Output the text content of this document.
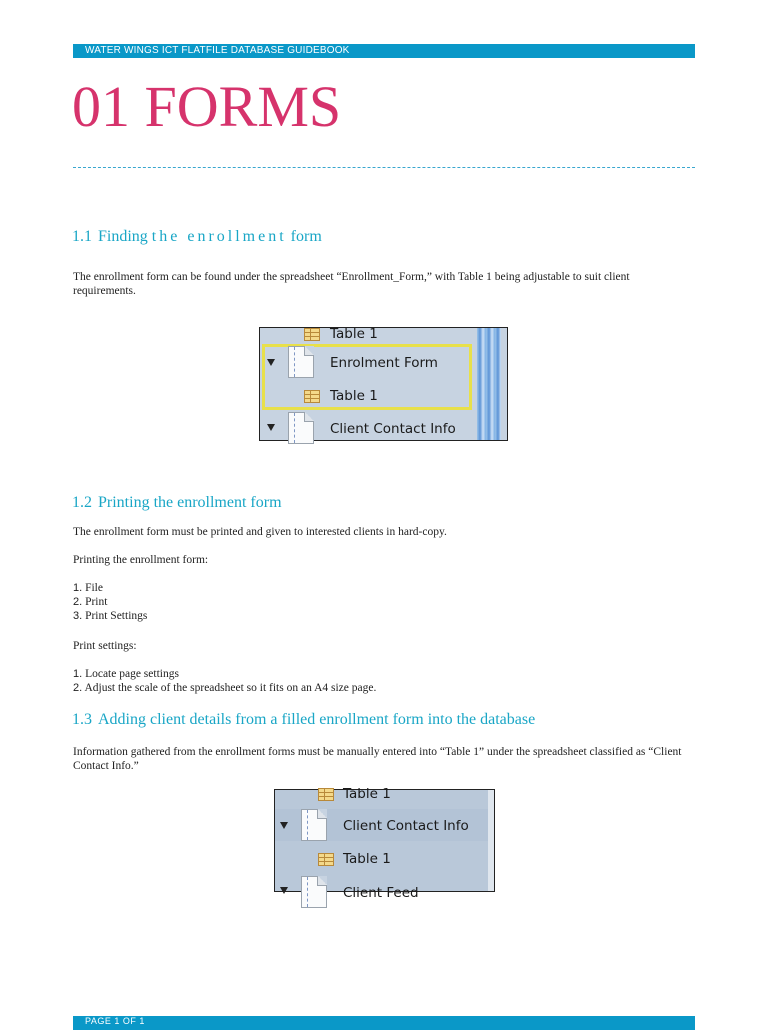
WATER WINGS ICT FLATFILE DATABASE GUIDEBOOK
01 FORMS
1.1 Finding the enrollment form

The enrollment form can be found under the spreadsheet “Enrollment_Form,” with Table 1 being adjustable to suit client requirements.

Table 1
Enrolment Form
Table 1
Client Contact Info
1.2 Printing the enrollment form

The enrollment form must be printed and given to interested clients in hard-copy.

Printing the enrollment form:

1. File
2. Print
3. Print Settings

Print settings:

1. Locate page settings
2. Adjust the scale of the spreadsheet so it fits on an A4 size page.
1.3 Adding client details from a filled enrollment form into the database

Information gathered from the enrollment forms must be manually entered into “Table 1” under the spreadsheet classified as “Client Contact Info.”

Table 1
Client Contact Info
Table 1
Client Feed
PAGE 1 OF 1
